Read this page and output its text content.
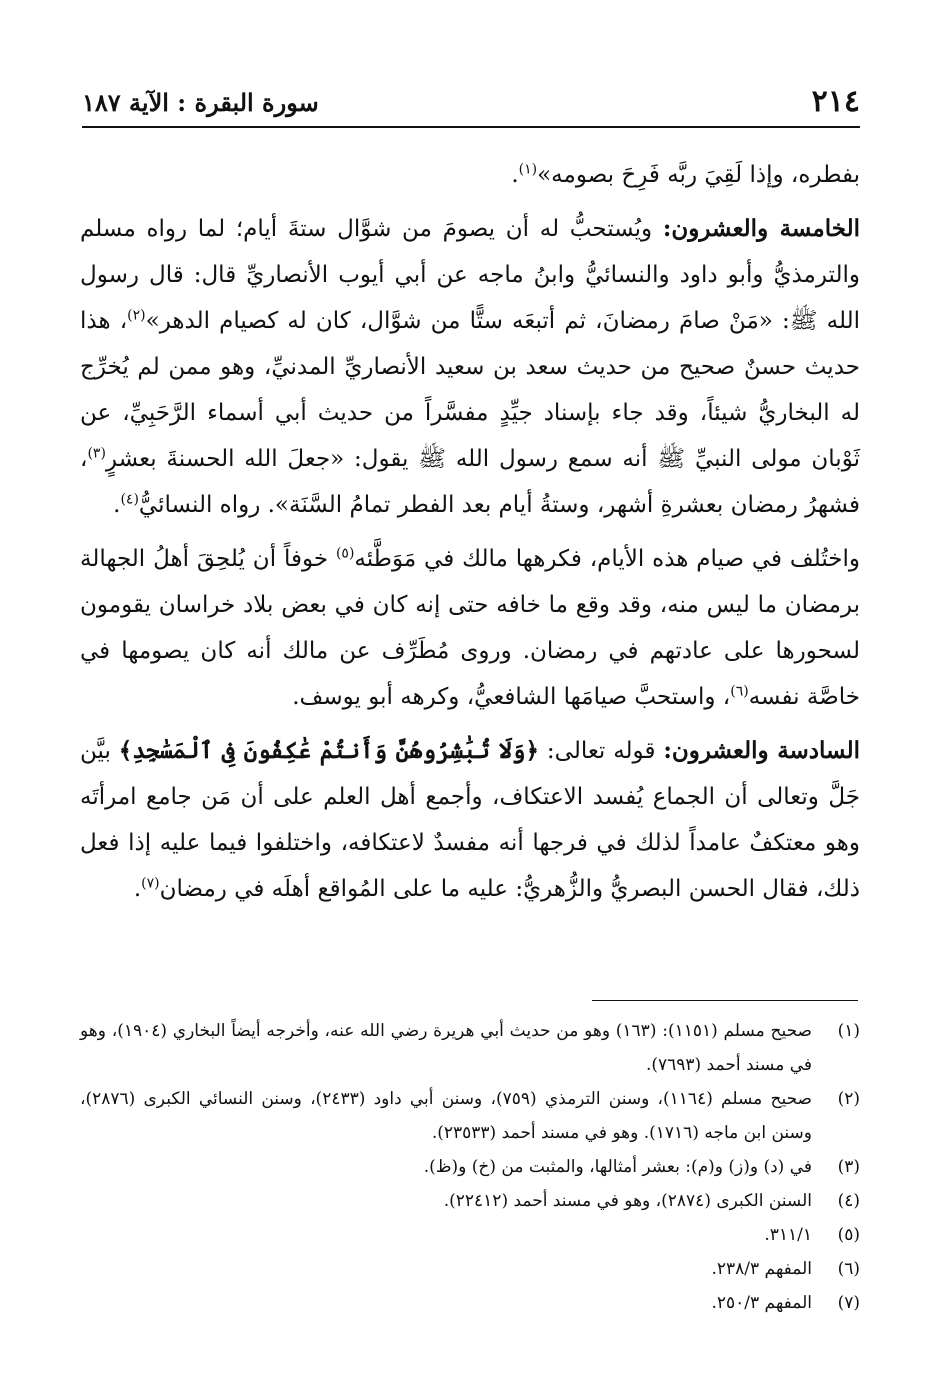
٢١٤
سورة البقرة : الآية ١٨٧

بفطره، وإذا لَقِيَ ربَّه فَرِحَ بصومه»$^{(١)}$.

الخامسة والعشرون: ويُستحبُّ له أن يصومَ من شوَّال ستةَ أيام؛ لما رواه مسلم والترمذيُّ وأبو داود والنسائيُّ وابنُ ماجه عن أبي أيوب الأنصاريِّ قال: قال رسول الله ﷺ: «مَنْ صامَ رمضانَ، ثم أتبعَه ستًّا من شوَّال، كان له كصيام الدهر»$^{(٢)}$، هذا حديث حسنٌ صحيح من حديث سعد بن سعيد الأنصاريِّ المدنيِّ، وهو ممن لم يُخرِّج له البخاريُّ شيئاً، وقد جاء بإسناد جيِّدٍ مفسَّراً من حديث أبي أسماء الرَّحَبِيِّ، عن ثَوْبان مولى النبيِّ ﷺ أنه سمع رسول الله ﷺ يقول: «جعلَ الله الحسنةَ بعشرٍ$^{(٣)}$، فشهرُ رمضان بعشرةِ أشهر، وستةُ أيام بعد الفطر تمامُ السَّنَة». رواه النسائيُّ$^{(٤)}$.

واختُلف في صيام هذه الأيام، فكرهها مالك في مَوَطَّئه$^{(٥)}$ خوفاً أن يُلحِقَ أهلُ الجهالة برمضان ما ليس منه، وقد وقع ما خافه حتى إنه كان في بعض بلاد خراسان يقومون لسحورها على عادتهم في رمضان. وروى مُطَرِّف عن مالك أنه كان يصومها في خاصَّة نفسه$^{(٦)}$، واستحبَّ صيامَها الشافعيُّ، وكرهه أبو يوسف.

السادسة والعشرون: قوله تعالى: ﴿وَلَا تُبَٰشِرُوهُنَّ وَأَنتُمْ عَٰكِفُونَ فِى ٱلْمَسَٰجِدِ﴾ بيَّن جَلَّ وتعالى أن الجماع يُفسد الاعتكاف، وأجمع أهل العلم على أن مَن جامع امرأتَه وهو معتكفٌ عامداً لذلك في فرجها أنه مفسدٌ لاعتكافه، واختلفوا فيما عليه إذا فعل ذلك، فقال الحسن البصريُّ والزُّهريُّ: عليه ما على المُواقع أهلَه في رمضان$^{(٧)}$.

(١)
صحيح مسلم (١١٥١): (١٦٣) وهو من حديث أبي هريرة رضي الله عنه، وأخرجه أيضاً البخاري (١٩٠٤)، وهو في مسند أحمد (٧٦٩٣).
(٢)
صحيح مسلم (١١٦٤)، وسنن الترمذي (٧٥٩)، وسنن أبي داود (٢٤٣٣)، وسنن النسائي الكبرى (٢٨٧٦)، وسنن ابن ماجه (١٧١٦). وهو في مسند أحمد (٢٣٥٣٣).
(٣)
في (د) و(ز) و(م): بعشر أمثالها، والمثبت من (خ) و(ظ).
(٤)
السنن الكبرى (٢٨٧٤)، وهو في مسند أحمد (٢٢٤١٢).
(٥)
٣١١/١.
(٦)
المفهم ٢٣٨/٣.
(٧)
المفهم ٢٥٠/٣.
